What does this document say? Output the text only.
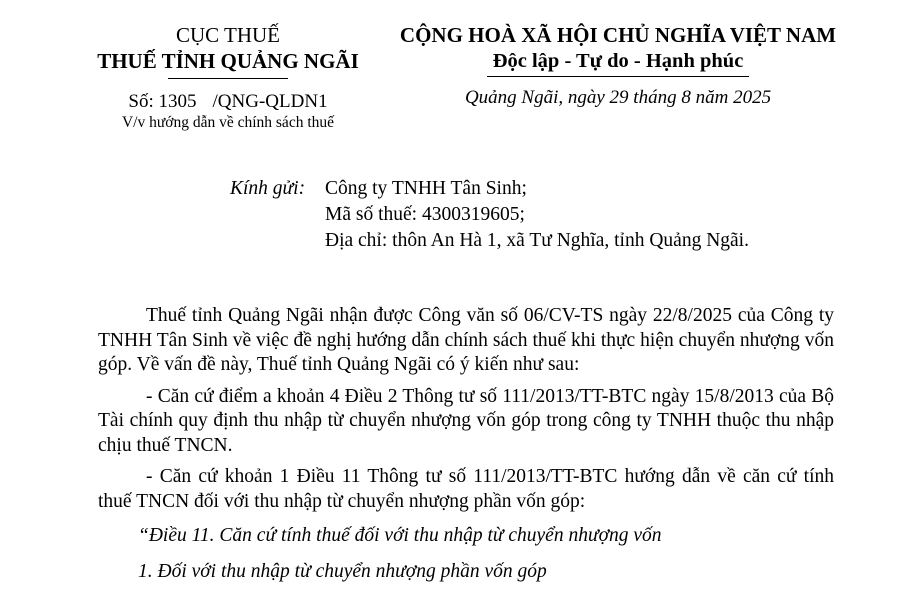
CỤC THUẾ
THUẾ TỈNH QUẢNG NGÃI
Số: 1305 /QNG-QLDN1
V/v hướng dẫn về chính sách thuế
CỘNG HOÀ XÃ HỘI CHỦ NGHĨA VIỆT NAM
Độc lập - Tự do - Hạnh phúc
Quảng Ngãi, ngày 29 tháng 8 năm 2025
Kính gửi:	Công ty TNHH Tân Sinh;
Mã số thuế: 4300319605;
Địa chỉ: thôn An Hà 1, xã Tư Nghĩa, tỉnh Quảng Ngãi.

Thuế tỉnh Quảng Ngãi nhận được Công văn số 06/CV-TS ngày 22/8/2025 của Công ty TNHH Tân Sinh về việc đề nghị hướng dẫn chính sách thuế khi thực hiện chuyển nhượng vốn góp. Về vấn đề này, Thuế tỉnh Quảng Ngãi có ý kiến như sau:

- Căn cứ điểm a khoản 4 Điều 2 Thông tư số 111/2013/TT-BTC ngày 15/8/2013 của Bộ Tài chính quy định thu nhập từ chuyển nhượng vốn góp trong công ty TNHH thuộc thu nhập chịu thuế TNCN.

- Căn cứ khoản 1 Điều 11 Thông tư số 111/2013/TT-BTC hướng dẫn về căn cứ tính thuế TNCN đối với thu nhập từ chuyển nhượng phần vốn góp:

“Điều 11. Căn cứ tính thuế đối với thu nhập từ chuyển nhượng vốn

1. Đối với thu nhập từ chuyển nhượng phần vốn góp
